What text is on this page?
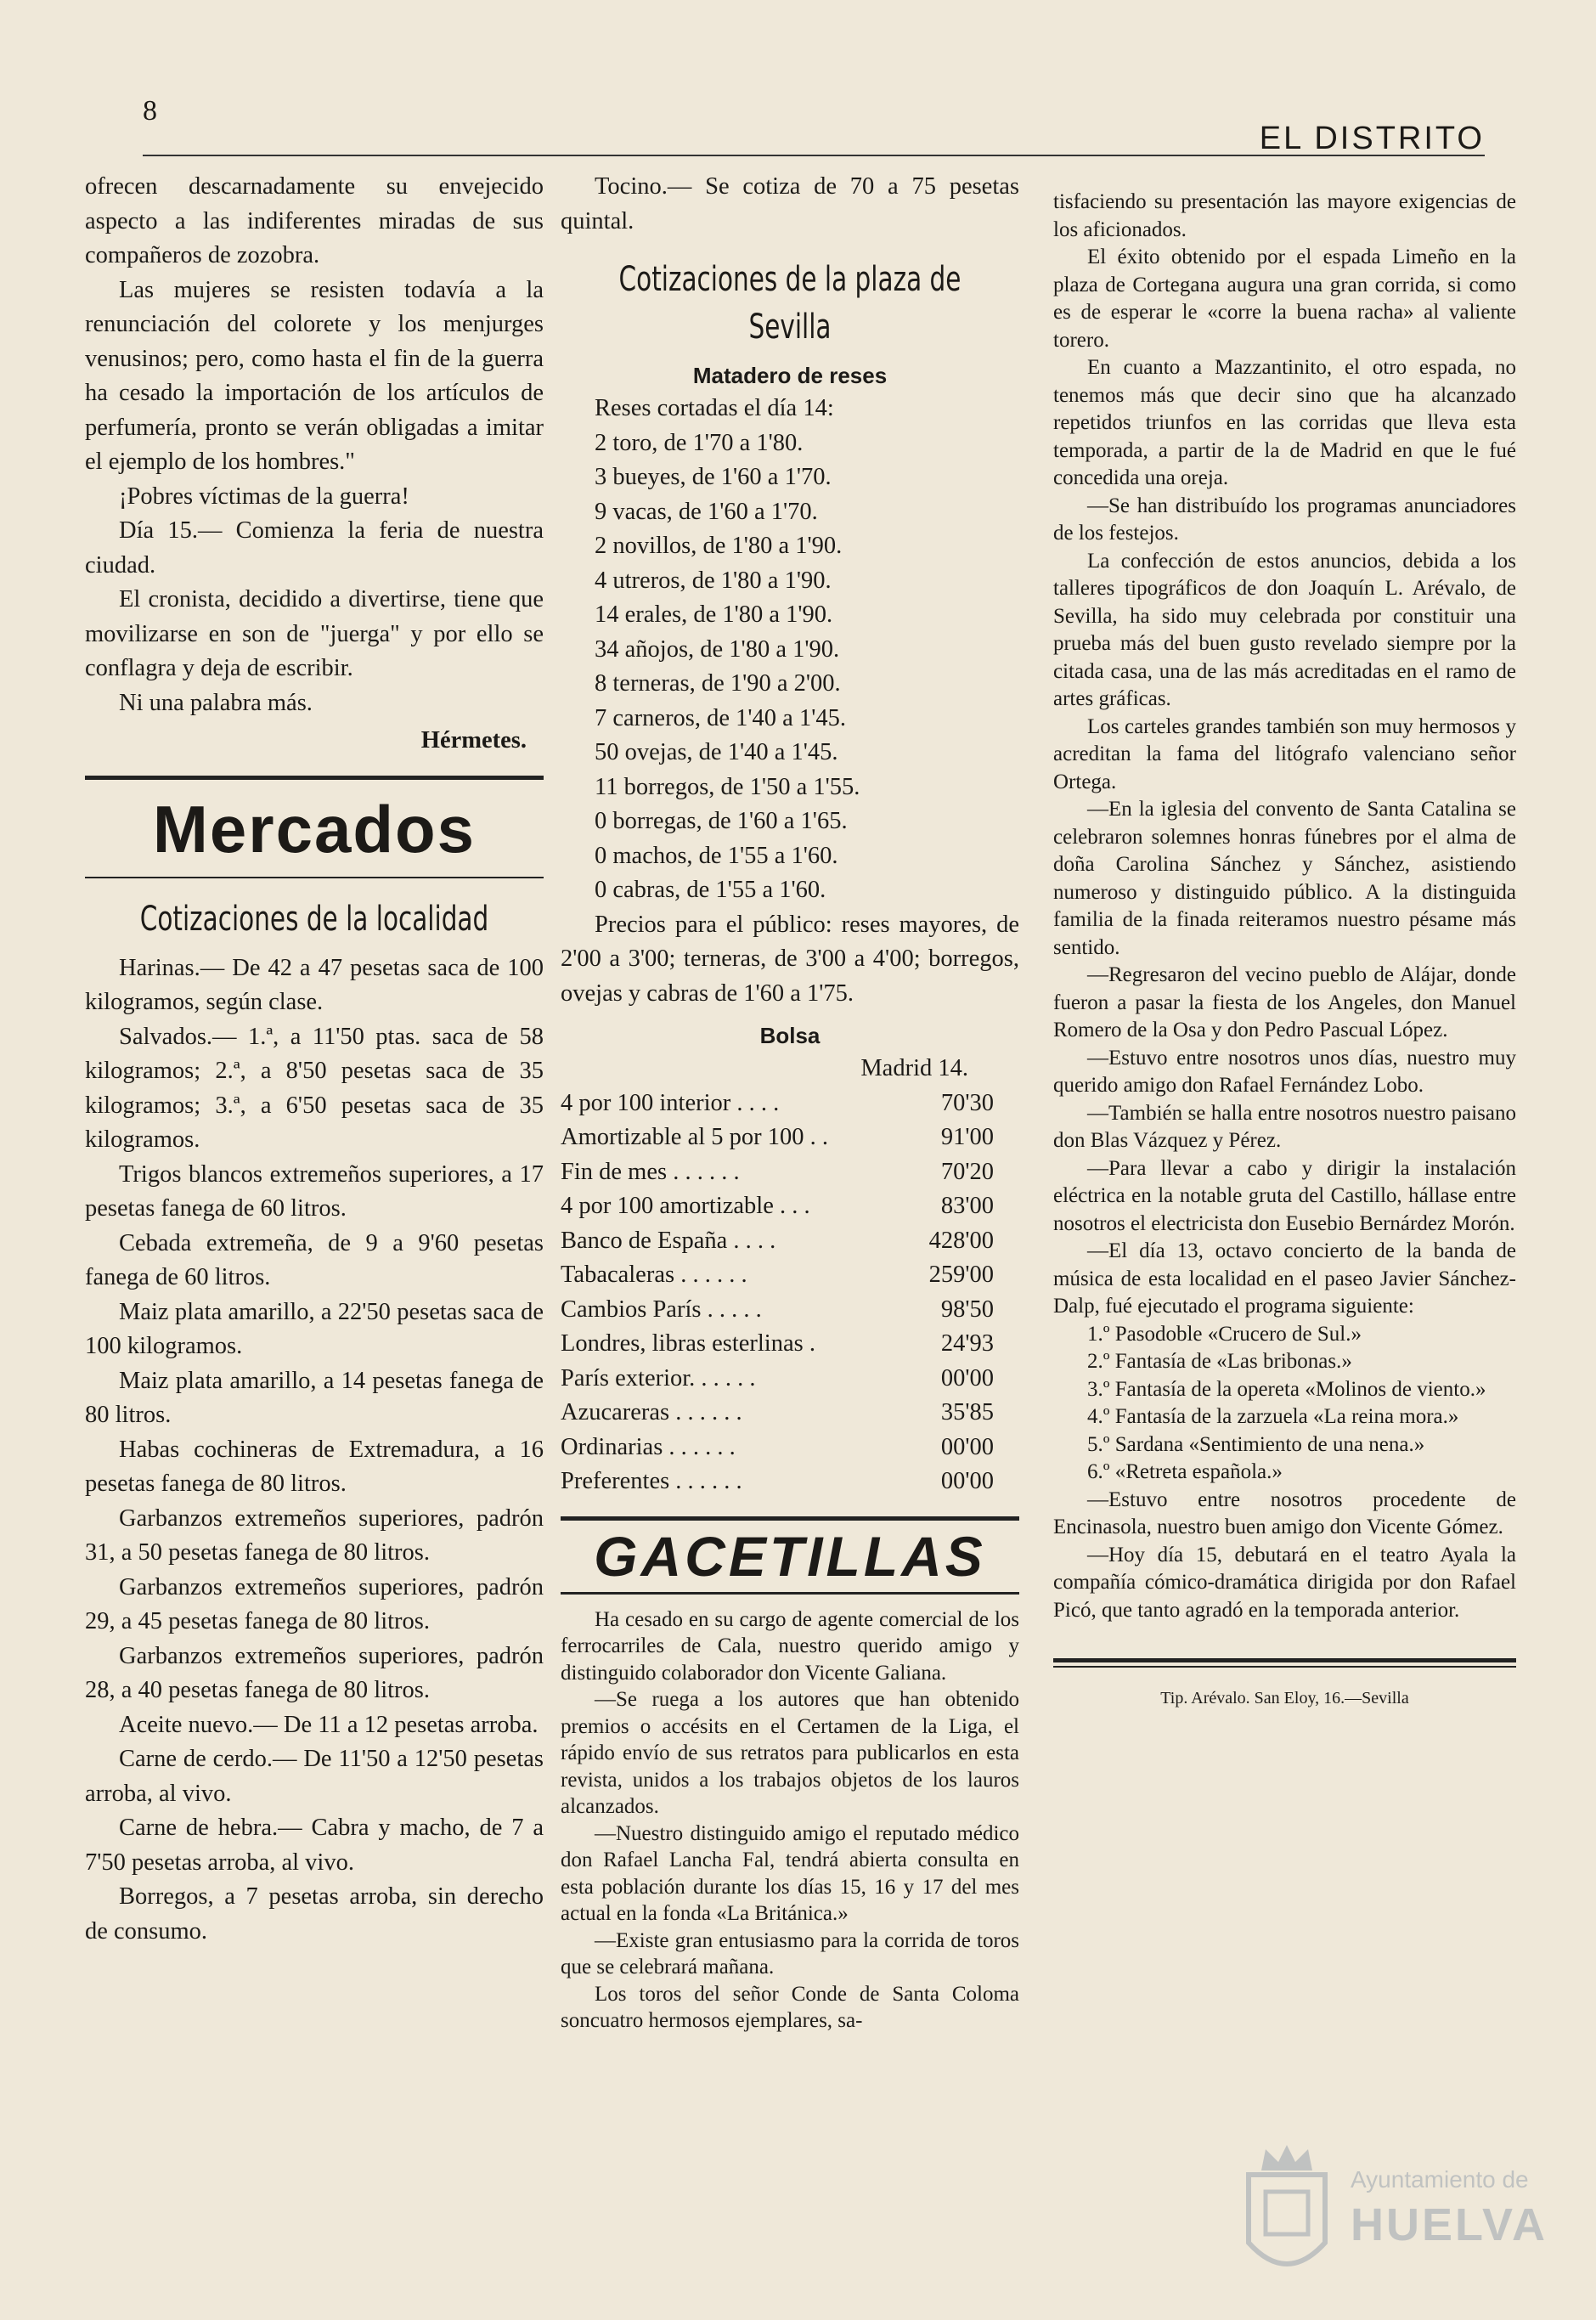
8
EL DISTRITO

ofrecen descarnadamente su envejecido aspecto a las indiferentes miradas de sus compañeros de zozobra.

Las mujeres se resisten todavía a la renunciación del colorete y los menjurges venusinos; pero, como hasta el fin de la guerra ha cesado la importación de los artículos de perfumería, pronto se verán obligadas a imitar el ejemplo de los hombres."

¡Pobres víctimas de la guerra!

Día 15.— Comienza la feria de nuestra ciudad.

El cronista, decidido a divertirse, tiene que movilizarse en son de "juerga" y por ello se conflagra y deja de escribir.

Ni una palabra más.

Hérmetes.
Mercados
Cotizaciones de la localidad

Harinas.— De 42 a 47 pesetas saca de 100 kilogramos, según clase.

Salvados.— 1.ª, a 11'50 ptas. saca de 58 kilogramos; 2.ª, a 8'50 pesetas saca de 35 kilogramos; 3.ª, a 6'50 pesetas saca de 35 kilogramos.

Trigos blancos extremeños superiores, a 17 pesetas fanega de 60 litros.

Cebada extremeña, de 9 a 9'60 pesetas fanega de 60 litros.

Maiz plata amarillo, a 22'50 pesetas saca de 100 kilogramos.

Maiz plata amarillo, a 14 pesetas fanega de 80 litros.

Habas cochineras de Extremadura, a 16 pesetas fanega de 80 litros.

Garbanzos extremeños superiores, padrón 31, a 50 pesetas fanega de 80 litros.

Garbanzos extremeños superiores, padrón 29, a 45 pesetas fanega de 80 litros.

Garbanzos extremeños superiores, padrón 28, a 40 pesetas fanega de 80 litros.

Aceite nuevo.— De 11 a 12 pesetas arroba.

Carne de cerdo.— De 11'50 a 12'50 pesetas arroba, al vivo.

Carne de hebra.— Cabra y macho, de 7 a 7'50 pesetas arroba, al vivo.

Borregos, a 7 pesetas arroba, sin derecho de consumo.

Tocino.— Se cotiza de 70 a 75 pesetas quintal.

Cotizaciones de la plaza de Sevilla
Matadero de reses
Reses cortadas el día 14:
2 toro, de 1'70 a 1'80.
3 bueyes, de 1'60 a 1'70.
9 vacas, de 1'60 a 1'70.
2 novillos, de 1'80 a 1'90.
4 utreros, de 1'80 a 1'90.
14 erales, de 1'80 a 1'90.
34 añojos, de 1'80 a 1'90.
8 terneras, de 1'90 a 2'00.
7 carneros, de 1'40 a 1'45.
50 ovejas, de 1'40 a 1'45.
11 borregos, de 1'50 a 1'55.
0 borregas, de 1'60 a 1'65.
0 machos, de 1'55 a 1'60.
0 cabras, de 1'55 a 1'60.

Precios para el público: reses mayores, de 2'00 a 3'00; terneras, de 3'00 a 4'00; borregos, ovejas y cabras de 1'60 a 1'75.

Bolsa
Madrid 14.
4 por 100 interior . . . .	70'30
Amortizable al 5 por 100 . .	91'00
Fin de mes . . . . . .	70'20
4 por 100 amortizable . . .	83'00
Banco de España . . . .	428'00
Tabacaleras . . . . . .	259'00
Cambios París . . . . .	98'50
Londres, libras esterlinas .	24'93
París exterior. . . . . .	00'00
Azucareras . . . . . .	35'85
Ordinarias . . . . . .	00'00
Preferentes . . . . . .	00'00
GACETILLAS

Ha cesado en su cargo de agente comercial de los ferrocarriles de Cala, nuestro querido amigo y distinguido colaborador don Vicente Galiana.

—Se ruega a los autores que han obtenido premios o accésits en el Certamen de la Liga, el rápido envío de sus retratos para publicarlos en esta revista, unidos a los trabajos objetos de los lauros alcanzados.

—Nuestro distinguido amigo el reputado médico don Rafael Lancha Fal, tendrá abierta consulta en esta población durante los días 15, 16 y 17 del mes actual en la fonda «La Británica.»

—Existe gran entusiasmo para la corrida de toros que se celebrará mañana.

Los toros del señor Conde de Santa Coloma soncuatro hermosos ejemplares, sa-

tisfaciendo su presentación las mayore exigencias de los aficionados.

El éxito obtenido por el espada Limeño en la plaza de Cortegana augura una gran corrida, si como es de esperar le «corre la buena racha» al valiente torero.

En cuanto a Mazzantinito, el otro espada, no tenemos más que decir sino que ha alcanzado repetidos triunfos en las corridas que lleva esta temporada, a partir de la de Madrid en que le fué concedida una oreja.

—Se han distribuído los programas anunciadores de los festejos.

La confección de estos anuncios, debida a los talleres tipográficos de don Joaquín L. Arévalo, de Sevilla, ha sido muy celebrada por constituir una prueba más del buen gusto revelado siempre por la citada casa, una de las más acreditadas en el ramo de artes gráficas.

Los carteles grandes también son muy hermosos y acreditan la fama del litógrafo valenciano señor Ortega.

—En la iglesia del convento de Santa Catalina se celebraron solemnes honras fúnebres por el alma de doña Carolina Sánchez y Sánchez, asistiendo numeroso y distinguido público. A la distinguida familia de la finada reiteramos nuestro pésame más sentido.

—Regresaron del vecino pueblo de Alájar, donde fueron a pasar la fiesta de los Angeles, don Manuel Romero de la Osa y don Pedro Pascual López.

—Estuvo entre nosotros unos días, nuestro muy querido amigo don Rafael Fernández Lobo.

—También se halla entre nosotros nuestro paisano don Blas Vázquez y Pérez.

—Para llevar a cabo y dirigir la instalación eléctrica en la notable gruta del Castillo, hállase entre nosotros el electricista don Eusebio Bernárdez Morón.

—El día 13, octavo concierto de la banda de música de esta localidad en el paseo Javier Sánchez-Dalp, fué ejecutado el programa siguiente:

1.º Pasodoble «Crucero de Sul.»

2.º Fantasía de «Las bribonas.»

3.º Fantasía de la opereta «Molinos de viento.»

4.º Fantasía de la zarzuela «La reina mora.»

5.º Sardana «Sentimiento de una nena.»

6.º «Retreta española.»

—Estuvo entre nosotros procedente de Encinasola, nuestro buen amigo don Vicente Gómez.

—Hoy día 15, debutará en el teatro Ayala la compañía cómico-dramática dirigida por don Rafael Picó, que tanto agradó en la temporada anterior.

Tip. Arévalo. San Eloy, 16.—Sevilla
Ayuntamiento de
HUELVA
